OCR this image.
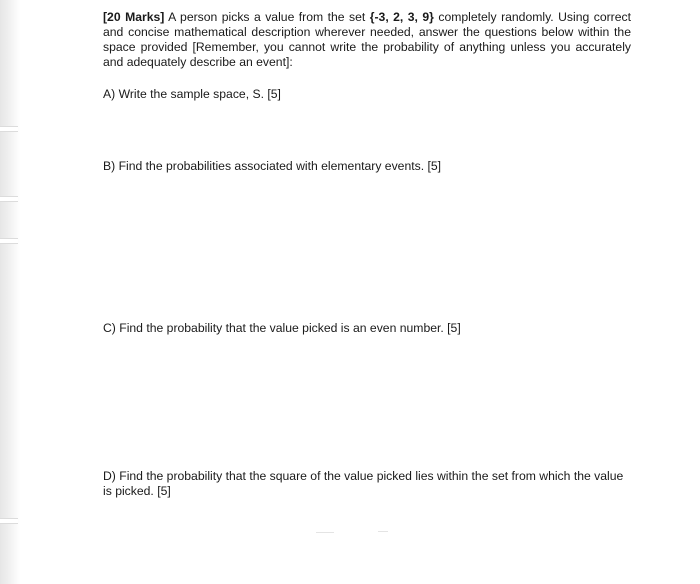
[20 Marks] A person picks a value from the set {-3, 2, 3, 9} completely randomly. Using correct and concise mathematical description wherever needed, answer the questions below within the space provided [Remember, you cannot write the probability of anything unless you accurately and adequately describe an event]:

A) Write the sample space, S. [5]

B) Find the probabilities associated with elementary events. [5]

C) Find the probability that the value picked is an even number. [5]

D) Find the probability that the square of the value picked lies within the set from which the value is picked. [5]
